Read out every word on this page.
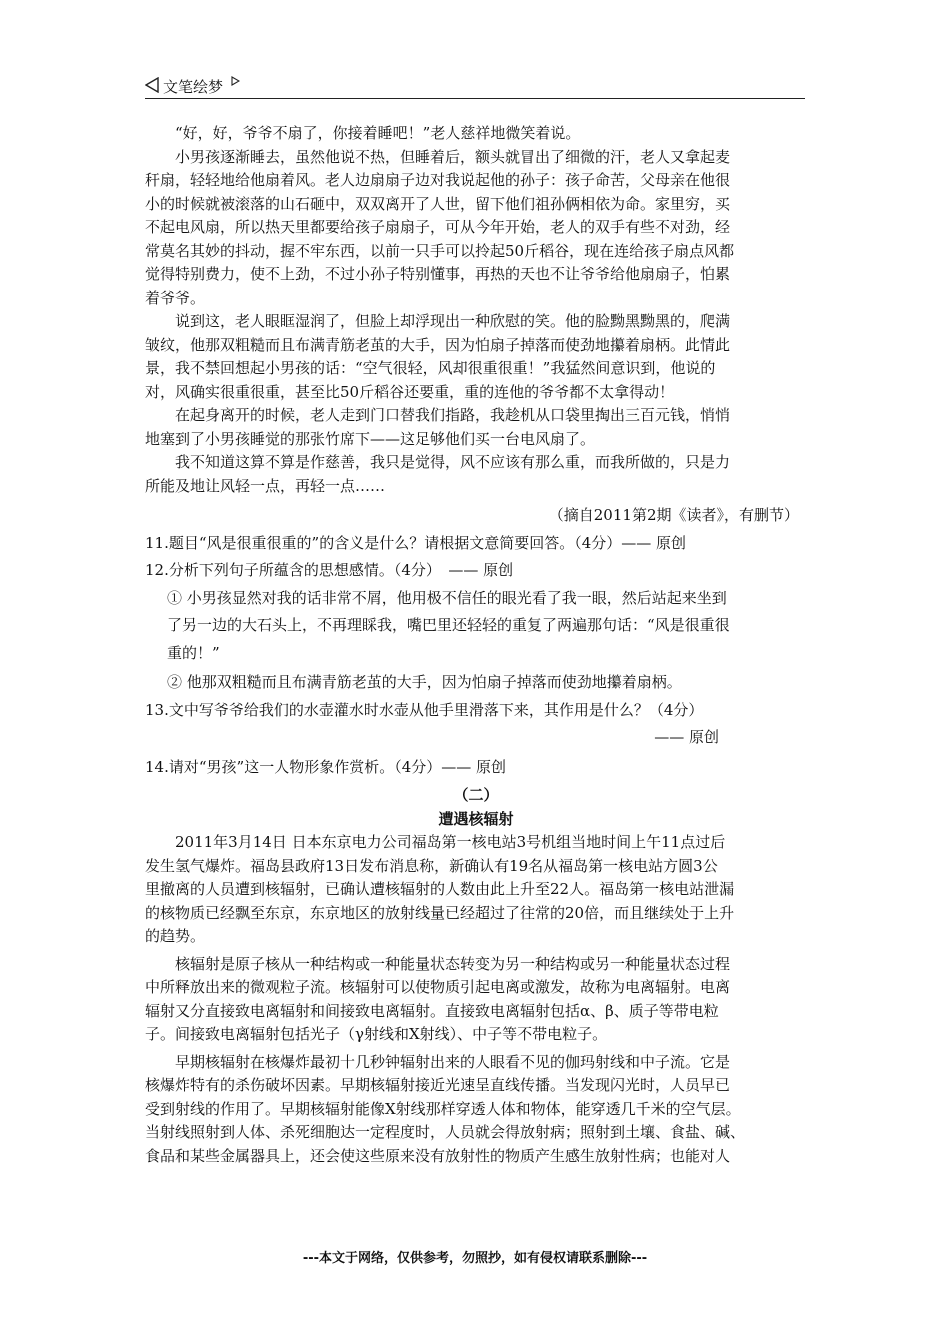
文笔绘梦

“好，好，爷爷不扇了，你接着睡吧！”老人慈祥地微笑着说。

小男孩逐渐睡去，虽然他说不热，但睡着后，额头就冒出了细微的汗，老人又拿起麦

秆扇，轻轻地给他扇着风。老人边扇扇子边对我说起他的孙子：孩子命苦，父母亲在他很

小的时候就被滚落的山石砸中，双双离开了人世，留下他们祖孙俩相依为命。家里穷，买

不起电风扇，所以热天里都要给孩子扇扇子，可从今年开始，老人的双手有些不对劲，经

常莫名其妙的抖动，握不牢东西，以前一只手可以拎起50斤稻谷，现在连给孩子扇点风都

觉得特别费力，使不上劲，不过小孙子特别懂事，再热的天也不让爷爷给他扇扇子，怕累

着爷爷。

说到这，老人眼眶湿润了，但脸上却浮现出一种欣慰的笑。他的脸黝黑黝黑的，爬满

皱纹，他那双粗糙而且布满青筋老茧的大手，因为怕扇子掉落而使劲地攥着扇柄。此情此

景，我不禁回想起小男孩的话：“空气很轻，风却很重很重！”我猛然间意识到，他说的

对，风确实很重很重，甚至比50斤稻谷还要重，重的连他的爷爷都不太拿得动！

在起身离开的时候，老人走到门口替我们指路，我趁机从口袋里掏出三百元钱，悄悄

地塞到了小男孩睡觉的那张竹席下——这足够他们买一台电风扇了。

我不知道这算不算是作慈善，我只是觉得，风不应该有那么重，而我所做的，只是力

所能及地让风轻一点，再轻一点……

（摘自2011第2期《读者》，有删节）

11.题目“风是很重很重的”的含义是什么？请根据文意简要回答。（4分）—— 原创

12.分析下列句子所蕴含的思想感情。（4分）　—— 原创

① 小男孩显然对我的话非常不屑，他用极不信任的眼光看了我一眼，然后站起来坐到

了另一边的大石头上，不再理睬我，嘴巴里还轻轻的重复了两遍那句话：“风是很重很

重的！”

② 他那双粗糙而且布满青筋老茧的大手，因为怕扇子掉落而使劲地攥着扇柄。

13.文中写爷爷给我们的水壶灌水时水壶从他手里滑落下来，其作用是什么？（4分）

—— 原创

14.请对“男孩”这一人物形象作赏析。（4分）—— 原创

（二）

遭遇核辐射

2011年3月14日 日本东京电力公司福岛第一核电站3号机组当地时间上午11点过后

发生氢气爆炸。福岛县政府13日发布消息称，新确认有19名从福岛第一核电站方圆3公

里撤离的人员遭到核辐射，已确认遭核辐射的人数由此上升至22人。福岛第一核电站泄漏

的核物质已经飘至东京，东京地区的放射线量已经超过了往常的20倍，而且继续处于上升

的趋势。

核辐射是原子核从一种结构或一种能量状态转变为另一种结构或另一种能量状态过程

中所释放出来的微观粒子流。核辐射可以使物质引起电离或激发，故称为电离辐射。电离

辐射又分直接致电离辐射和间接致电离辐射。直接致电离辐射包括α、β、质子等带电粒

子。间接致电离辐射包括光子（γ射线和X射线）、中子等不带电粒子。

早期核辐射在核爆炸最初十几秒钟辐射出来的人眼看不见的伽玛射线和中子流。它是

核爆炸特有的杀伤破坏因素。早期核辐射接近光速呈直线传播。当发现闪光时，人员早已

受到射线的作用了。早期核辐射能像X射线那样穿透人体和物体，能穿透几千米的空气层。

当射线照射到人体、杀死细胞达一定程度时，人员就会得放射病；照射到土壤、食盐、碱、

食品和某些金属器具上，还会使这些原来没有放射性的物质产生感生放射性病；也能对人

---本文于网络，仅供参考，勿照抄，如有侵权请联系删除---
